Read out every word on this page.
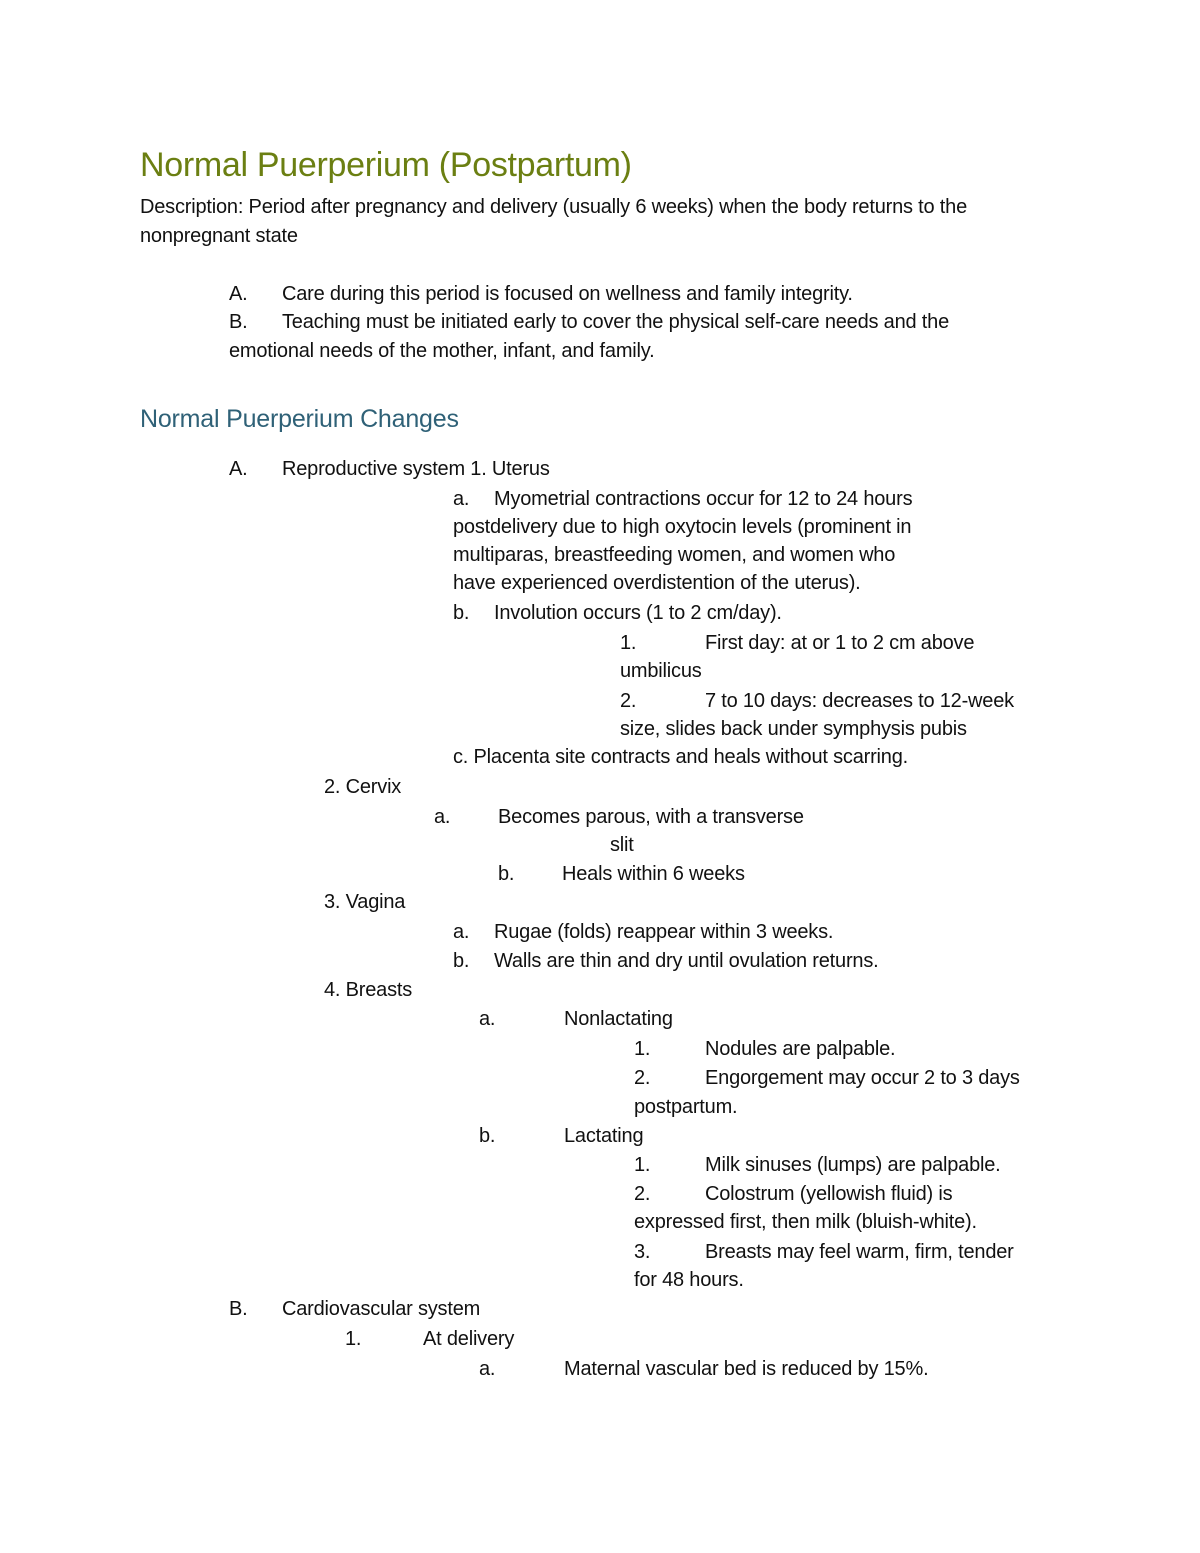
Normal Puerperium (Postpartum)
Description: Period after pregnancy and delivery (usually 6 weeks) when the body returns to the
nonpregnant state
A. Care during this period is focused on wellness and family integrity.
B. Teaching must be initiated early to cover the physical self-care needs and the
emotional needs of the mother, infant, and family.
Normal Puerperium Changes
A. Reproductive system 1. Uterus
a. Myometrial contractions occur for 12 to 24 hours
postdelivery due to high oxytocin levels (prominent in
multiparas, breastfeeding women, and women who
have experienced overdistention of the uterus).
b. Involution occurs (1 to 2 cm/day).
1.	First day: at or 1 to 2 cm above
umbilicus
2.	7 to 10 days: decreases to 12-week
size, slides back under symphysis pubis
c. Placenta site contracts and heals without scarring.
2. Cervix
a. Becomes parous, with a transverse
slit
b. Heals within 6 weeks
3. Vagina
a. Rugae (folds) reappear within 3 weeks.
b. Walls are thin and dry until ovulation returns.
4. Breasts
a.	Nonlactating
1.	Nodules are palpable.
2.	Engorgement may occur 2 to 3 days
postpartum.
b.	Lactating
1.	Milk sinuses (lumps) are palpable.
2.	Colostrum (yellowish fluid) is
expressed first, then milk (bluish-white).
3.	Breasts may feel warm, firm, tender
for 48 hours.
B. Cardiovascular system
1.	At delivery
a.	Maternal vascular bed is reduced by 15%.
